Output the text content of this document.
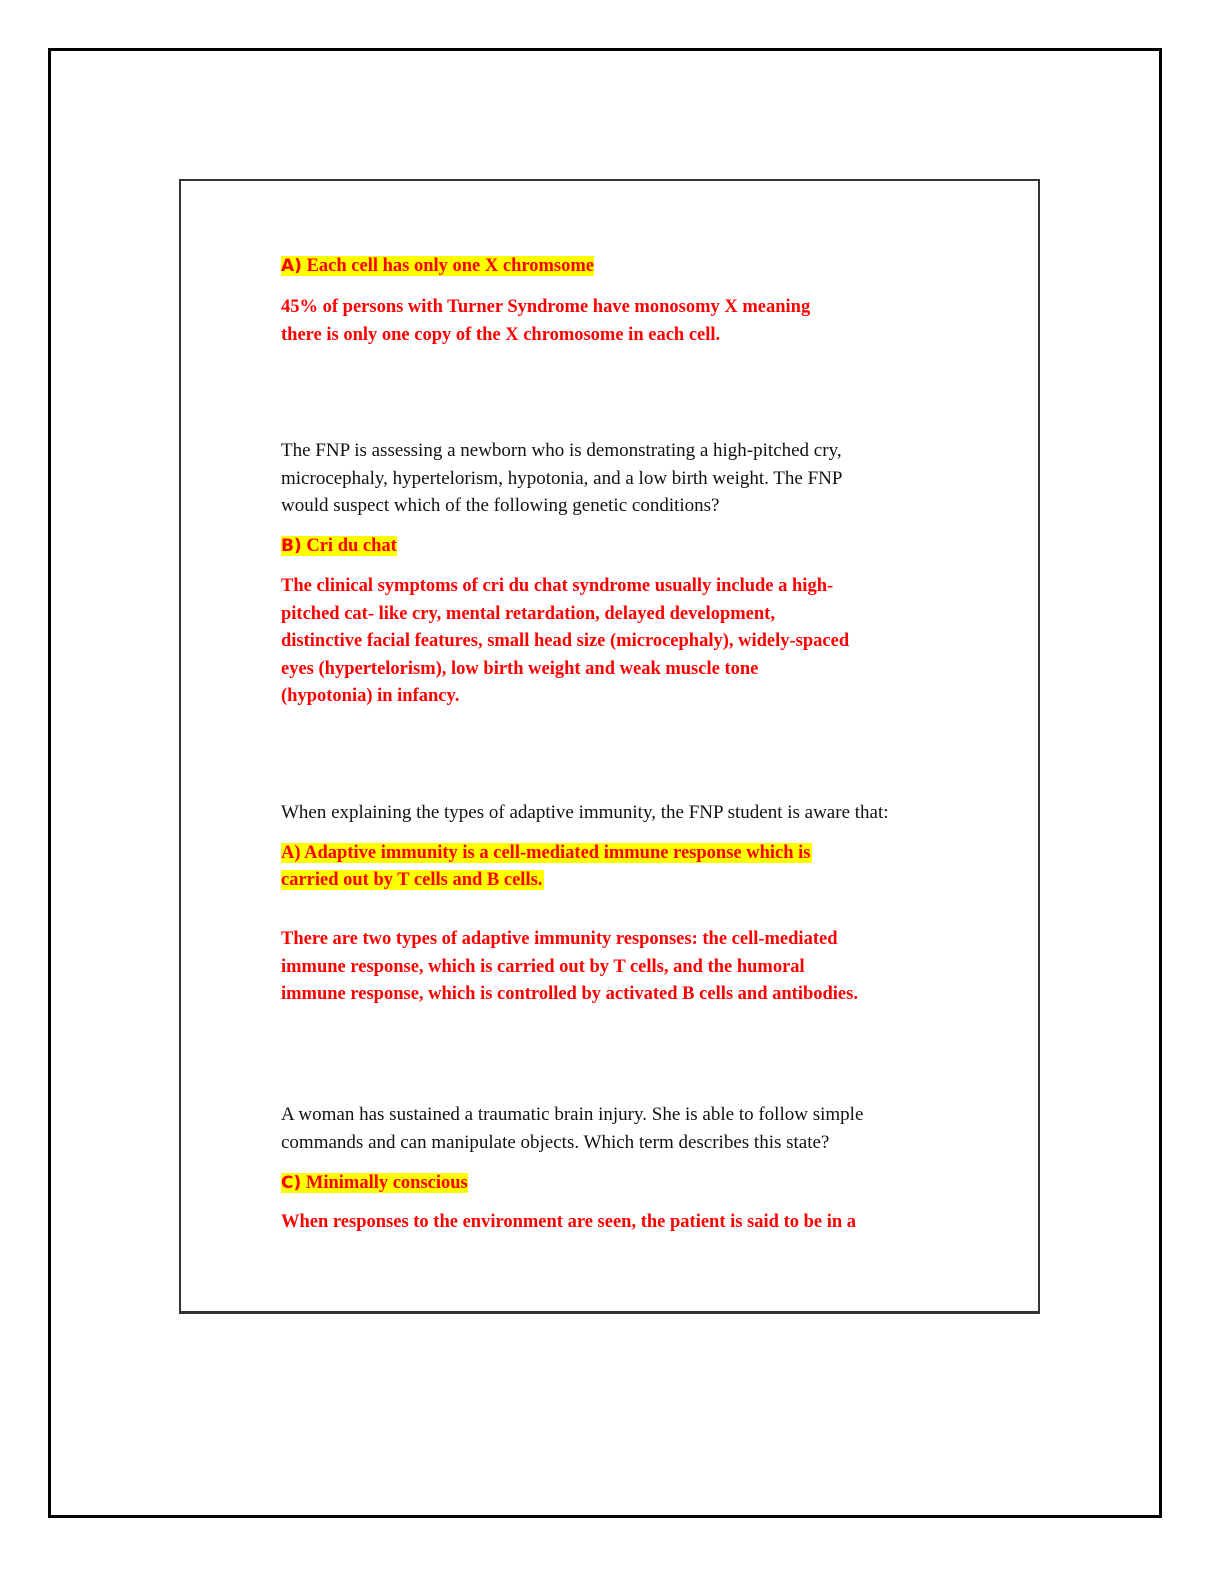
A) Each cell has only one X chromsome

45% of persons with Turner Syndrome have monosomy X meaning
there is only one copy of the X chromosome in each cell.

The FNP is assessing a newborn who is demonstrating a high-pitched cry,
microcephaly, hypertelorism, hypotonia, and a low birth weight. The FNP
would suspect which of the following genetic conditions?

B) Cri du chat

The clinical symptoms of cri du chat syndrome usually include a high-
pitched cat- like cry, mental retardation, delayed development,
distinctive facial features, small head size (microcephaly), widely-spaced
eyes (hypertelorism), low birth weight and weak muscle tone
(hypotonia) in infancy.

When explaining the types of adaptive immunity, the FNP student is aware that:

A) Adaptive immunity is a cell-mediated immune response which is
carried out by T cells and B cells.

There are two types of adaptive immunity responses: the cell-mediated
immune response, which is carried out by T cells, and the humoral
immune response, which is controlled by activated B cells and antibodies.

A woman has sustained a traumatic brain injury. She is able to follow simple
commands and can manipulate objects. Which term describes this state?

C) Minimally conscious

When responses to the environment are seen, the patient is said to be in a
